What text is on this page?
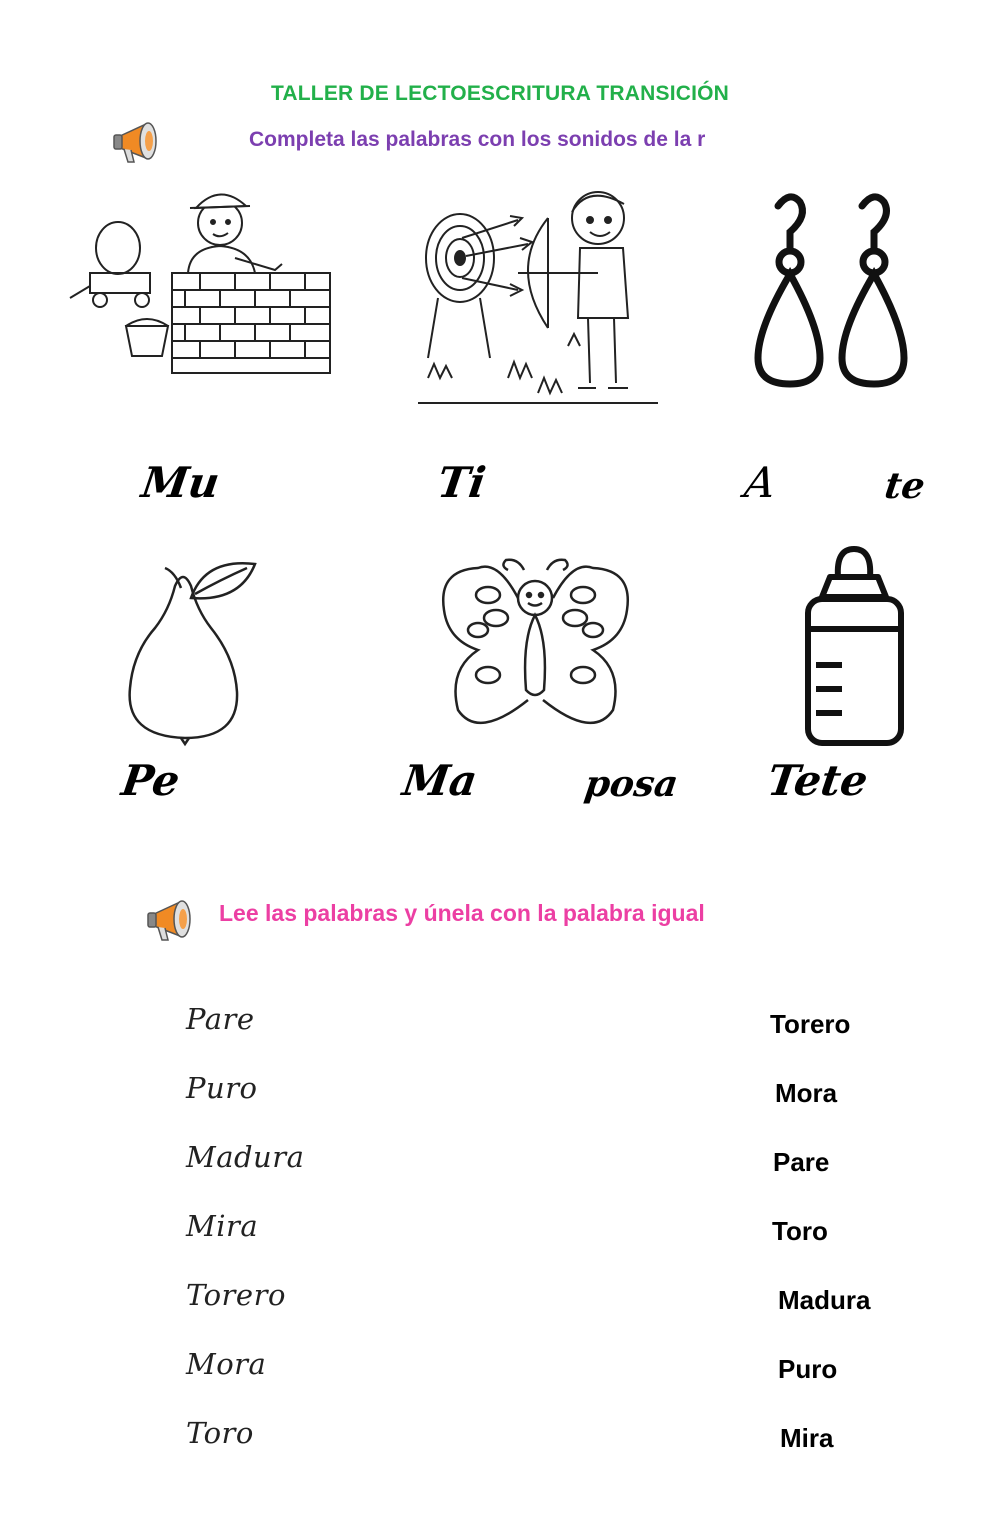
TALLER DE LECTOESCRITURA TRANSICIÓN
Completa las palabras con los sonidos de la r
Mu	Ti	A	te
Pe	Ma	posa Tete
Lee las palabras y únela con la palabra igual
Pare
Puro
Madura
Mira
Torero
Mora
Toro
Torero
Mora
Pare
Toro
Madura
Puro
Mira
